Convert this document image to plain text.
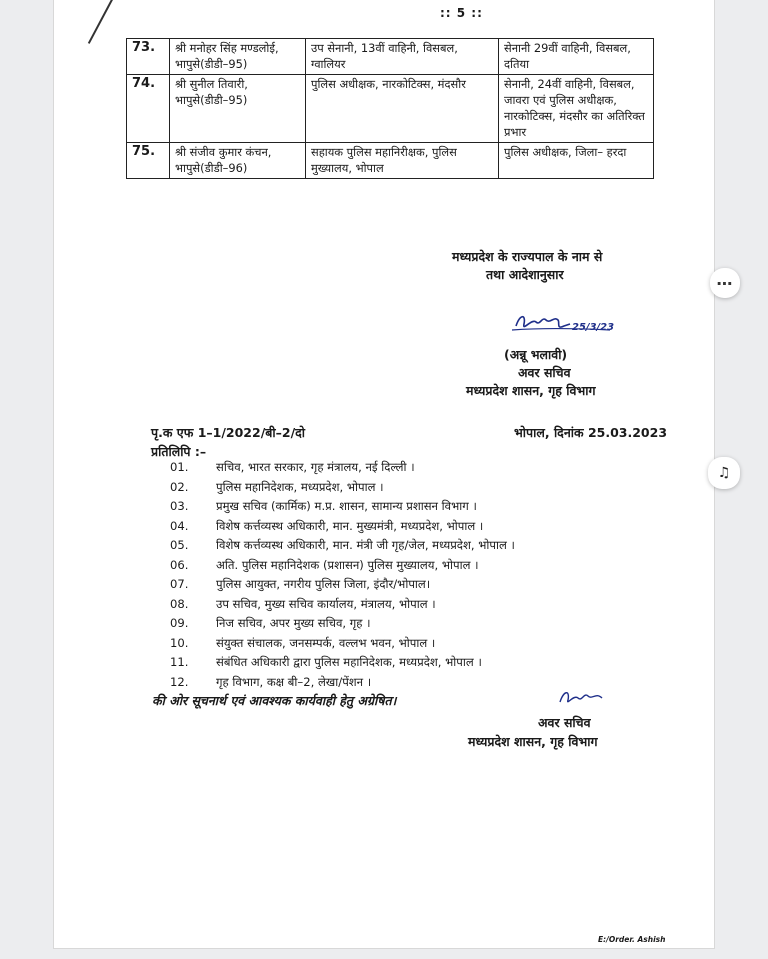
:: 5 ::
73.	श्री मनोहर सिंह मण्डलोई, भापुसे(डीडी–95)	उप सेनानी, 13वीं वाहिनी, विसबल, ग्वालियर	सेनानी 29वीं वाहिनी, विसबल, दतिया
74.	श्री सुनील तिवारी, भापुसे(डीडी–95)	पुलिस अधीक्षक, नारकोटिक्स, मंदसौर	सेनानी, 24वीं वाहिनी, विसबल, जावरा एवं पुलिस अधीक्षक, नारकोटिक्स, मंदसौर का अतिरिक्त प्रभार
75.	श्री संजीव कुमार कंचन, भापुसे(डीडी–96)	सहायक पुलिस महानिरीक्षक, पुलिस मुख्यालय, भोपाल	पुलिस अधीक्षक, जिला– हरदा
मध्यप्रदेश के राज्यपाल के नाम से
तथा आदेशानुसार
25/3/23
(अन्नू भलावी)
अवर सचिव
मध्यप्रदेश शासन, गृह विभाग
पृ.क एफ 1–1/2022/बी–2/दो	भोपाल, दिनांक 25.03.2023
प्रतिलिपि :–
01. सचिव, भारत सरकार, गृह मंत्रालय, नई दिल्ली ।
02. पुलिस महानिदेशक, मध्यप्रदेश, भोपाल ।
03. प्रमुख सचिव (कार्मिक) म.प्र. शासन, सामान्य प्रशासन विभाग ।
04. विशेष कर्त्तव्यस्थ अधिकारी, मान. मुख्यमंत्री, मध्यप्रदेश, भोपाल ।
05. विशेष कर्त्तव्यस्थ अधिकारी, मान. मंत्री जी गृह/जेल, मध्यप्रदेश, भोपाल ।
06. अति. पुलिस महानिदेशक (प्रशासन) पुलिस मुख्यालय, भोपाल ।
07. पुलिस आयुक्त, नगरीय पुलिस जिला, इंदौर/भोपाल।
08. उप सचिव, मुख्य सचिव कार्यालय, मंत्रालय, भोपाल ।
09. निज सचिव, अपर मुख्य सचिव, गृह ।
10. संयुक्त संचालक, जनसम्पर्क, वल्लभ भवन, भोपाल ।
11. संबंधित अधिकारी द्वारा पुलिस महानिदेशक, मध्यप्रदेश, भोपाल ।
12. गृह विभाग, कक्ष बी–2, लेखा/पेंशन ।
की ओर सूचनार्थ एवं आवश्यक कार्यवाही हेतु अग्रेषित।
अवर सचिव
मध्यप्रदेश शासन, गृह विभाग
E:/Order. Ashish
⋯
♫
